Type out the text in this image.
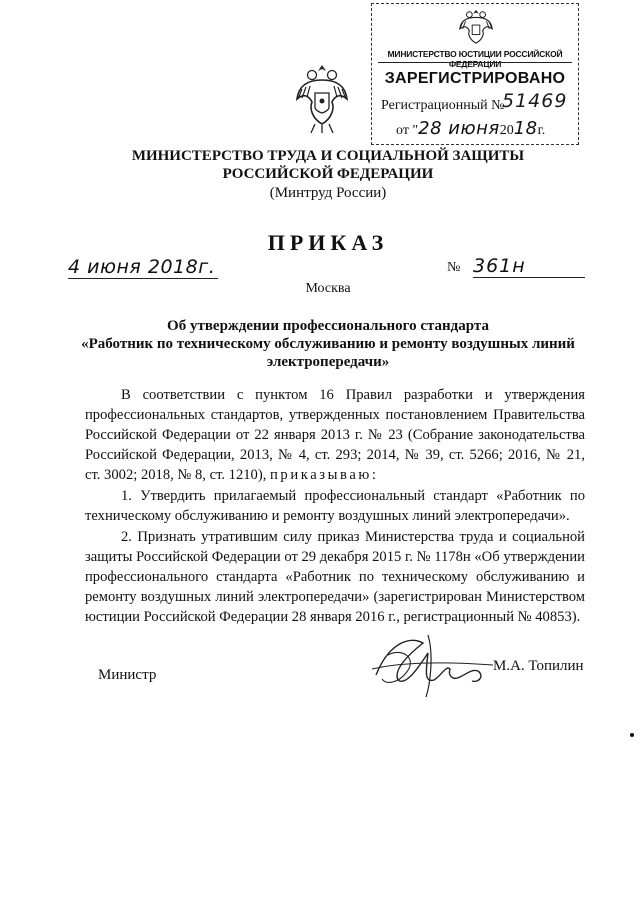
МИНИСТЕРСТВО ЮСТИЦИИ РОССИЙСКОЙ ФЕДЕРАЦИИ
ЗАРЕГИСТРИРОВАНО
Регистрационный №
51469
от "28 июня2018г.
МИНИСТЕРСТВО ТРУДА И СОЦИАЛЬНОЙ ЗАЩИТЫ
РОССИЙСКОЙ ФЕДЕРАЦИИ
(Минтруд России)
ПРИКАЗ
4 июня 2018г.	№ 361н
Москва
Об утверждении профессионального стандарта
«Работник по техническому обслуживанию и ремонту воздушных линий
электропередачи»
В соответствии с пунктом 16 Правил разработки и утверждения
профессиональных стандартов, утвержденных постановлением Правительства
Российской Федерации от 22 января 2013 г. № 23 (Собрание законодательства
Российской Федерации, 2013, № 4, ст. 293; 2014, № 39, ст. 5266; 2016, № 21,
ст. 3002; 2018, № 8, ст. 1210), приказываю:
1. Утвердить прилагаемый профессиональный стандарт «Работник по
техническому обслуживанию и ремонту воздушных линий электропередачи».
2. Признать утратившим силу приказ Министерства труда и социальной
защиты Российской Федерации от 29 декабря 2015 г. № 1178н «Об утверждении
профессионального стандарта «Работник по техническому обслуживанию и
ремонту воздушных линий электропередачи» (зарегистрирован Министерством
юстиции Российской Федерации 28 января 2016 г., регистрационный № 40853).
Министр
М.А. Топилин
